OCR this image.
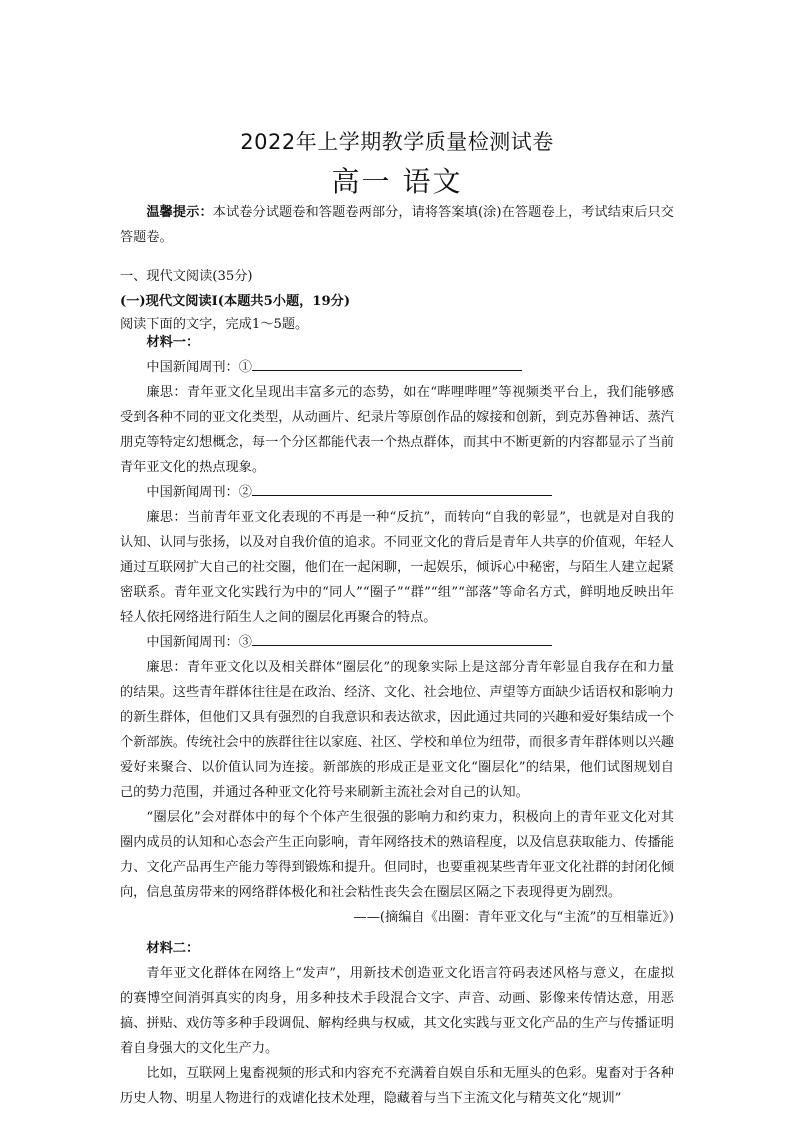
2022年上学期教学质量检测试卷
高一 语文

温馨提示：本试卷分试题卷和答题卷两部分，请将答案填(涂)在答题卷上，考试结束后只交答题卷。

一、现代文阅读(35分)
(一)现代文阅读Ⅰ(本题共5小题，19分)
阅读下面的文字，完成1～5题。

材料一：

中国新闻周刊：①

廉思：青年亚文化呈现出丰富多元的态势，如在“哔哩哔哩”等视频类平台上，我们能够感受到各种不同的亚文化类型，从动画片、纪录片等原创作品的嫁接和创新，到克苏鲁神话、蒸汽朋克等特定幻想概念，每一个分区都能代表一个热点群体，而其中不断更新的内容都显示了当前青年亚文化的热点现象。

中国新闻周刊：②

廉思：当前青年亚文化表现的不再是一种“反抗”，而转向“自我的彰显”，也就是对自我的认知、认同与张扬，以及对自我价值的追求。不同亚文化的背后是青年人共享的价值观，年轻人通过互联网扩大自己的社交圈，他们在一起闲聊，一起娱乐，倾诉心中秘密，与陌生人建立起紧密联系。青年亚文化实践行为中的“同人”“圈子”“群”“组”“部落”等命名方式，鲜明地反映出年轻人依托网络进行陌生人之间的圈层化再聚合的特点。

中国新闻周刊：③

廉思：青年亚文化以及相关群体“圈层化”的现象实际上是这部分青年彰显自我存在和力量的结果。这些青年群体往往是在政治、经济、文化、社会地位、声望等方面缺少话语权和影响力的新生群体，但他们又具有强烈的自我意识和表达欲求，因此通过共同的兴趣和爱好集结成一个个新部族。传统社会中的族群往往以家庭、社区、学校和单位为纽带，而很多青年群体则以兴趣爱好来聚合、以价值认同为连接。新部族的形成正是亚文化“圈层化”的结果，他们试图规划自己的势力范围，并通过各种亚文化符号来刷新主流社会对自己的认知。

“圈层化”会对群体中的每个个体产生很强的影响力和约束力，积极向上的青年亚文化对其圈内成员的认知和心态会产生正向影响，青年网络技术的熟谙程度，以及信息获取能力、传播能力、文化产品再生产能力等得到锻炼和提升。但同时，也要重视某些青年亚文化社群的封闭化倾向，信息茧房带来的网络群体极化和社会粘性丧失会在圈层区隔之下表现得更为剧烈。

——(摘编自《出圈：青年亚文化与“主流”的互相靠近》)

材料二：

青年亚文化群体在网络上“发声”，用新技术创造亚文化语言符码表述风格与意义，在虚拟的赛博空间消弭真实的肉身，用多种技术手段混合文字、声音、动画、影像来传情达意，用恶搞、拼贴、戏仿等多种手段调侃、解构经典与权威，其文化实践与亚文化产品的生产与传播证明着自身强大的文化生产力。

比如，互联网上鬼畜视频的形式和内容充不充满着自娱自乐和无厘头的色彩。鬼畜对于各种历史人物、明星人物进行的戏谑化技术处理，隐藏着与当下主流文化与精英文化“规训”
